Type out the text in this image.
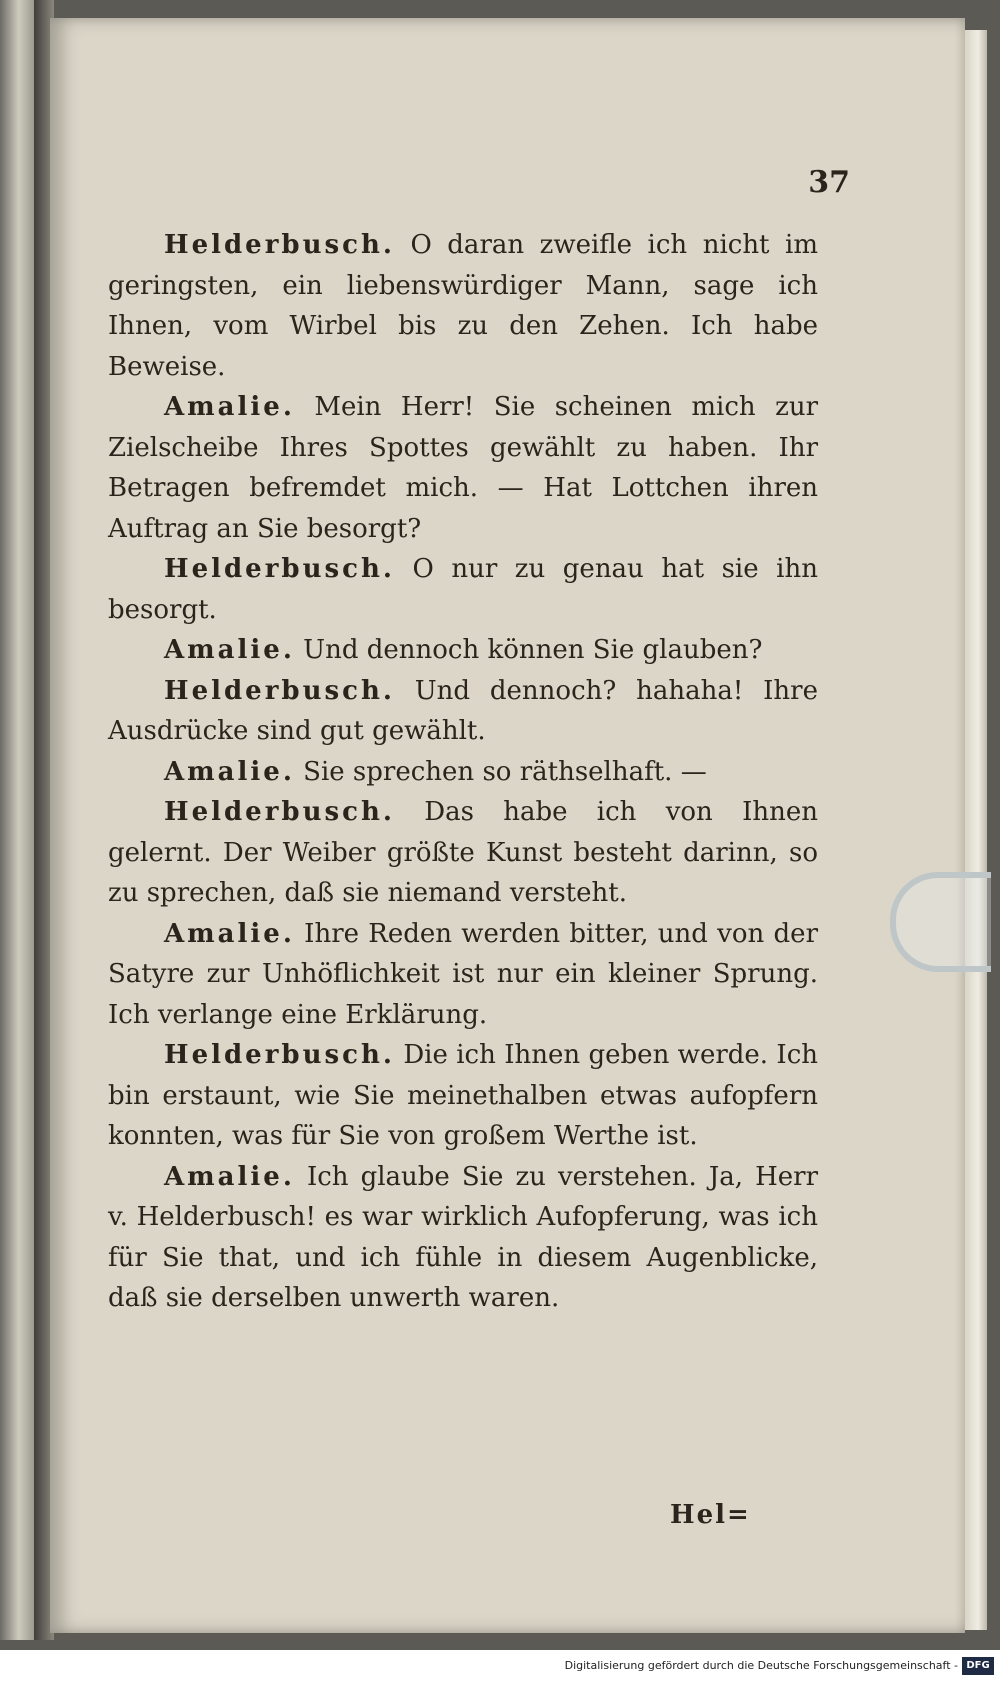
37

Helderbusch. O daran zweifle ich nicht im geringsten, ein liebenswürdiger Mann, sage ich Ihnen, vom Wirbel bis zu den Zehen. Ich habe Beweise.

Amalie. Mein Herr! Sie scheinen mich zur Zielscheibe Ihres Spottes gewählt zu haben. Ihr Betragen befremdet mich. — Hat Lottchen ihren Auftrag an Sie besorgt?

Helderbusch. O nur zu genau hat sie ihn besorgt.

Amalie. Und dennoch können Sie glauben?

Helderbusch. Und dennoch? hahaha! Ihre Ausdrücke sind gut gewählt.

Amalie. Sie sprechen so räthselhaft. —

Helderbusch. Das habe ich von Ihnen gelernt. Der Weiber größte Kunst besteht darinn, so zu sprechen, daß sie niemand versteht.

Amalie. Ihre Reden werden bitter, und von der Satyre zur Unhöflichkeit ist nur ein kleiner Sprung. Ich verlange eine Erklärung.

Helderbusch. Die ich Ihnen geben werde. Ich bin erstaunt, wie Sie meinethalben etwas aufopfern konnten, was für Sie von großem Werthe ist.

Amalie. Ich glaube Sie zu verstehen. Ja, Herr v. Helderbusch! es war wirklich Aufopferung, was ich für Sie that, und ich fühle in diesem Augenblicke, daß sie derselben unwerth waren.

Hel=
Digitalisierung gefördert durch die Deutsche Forschungsgemeinschaft - DFG
